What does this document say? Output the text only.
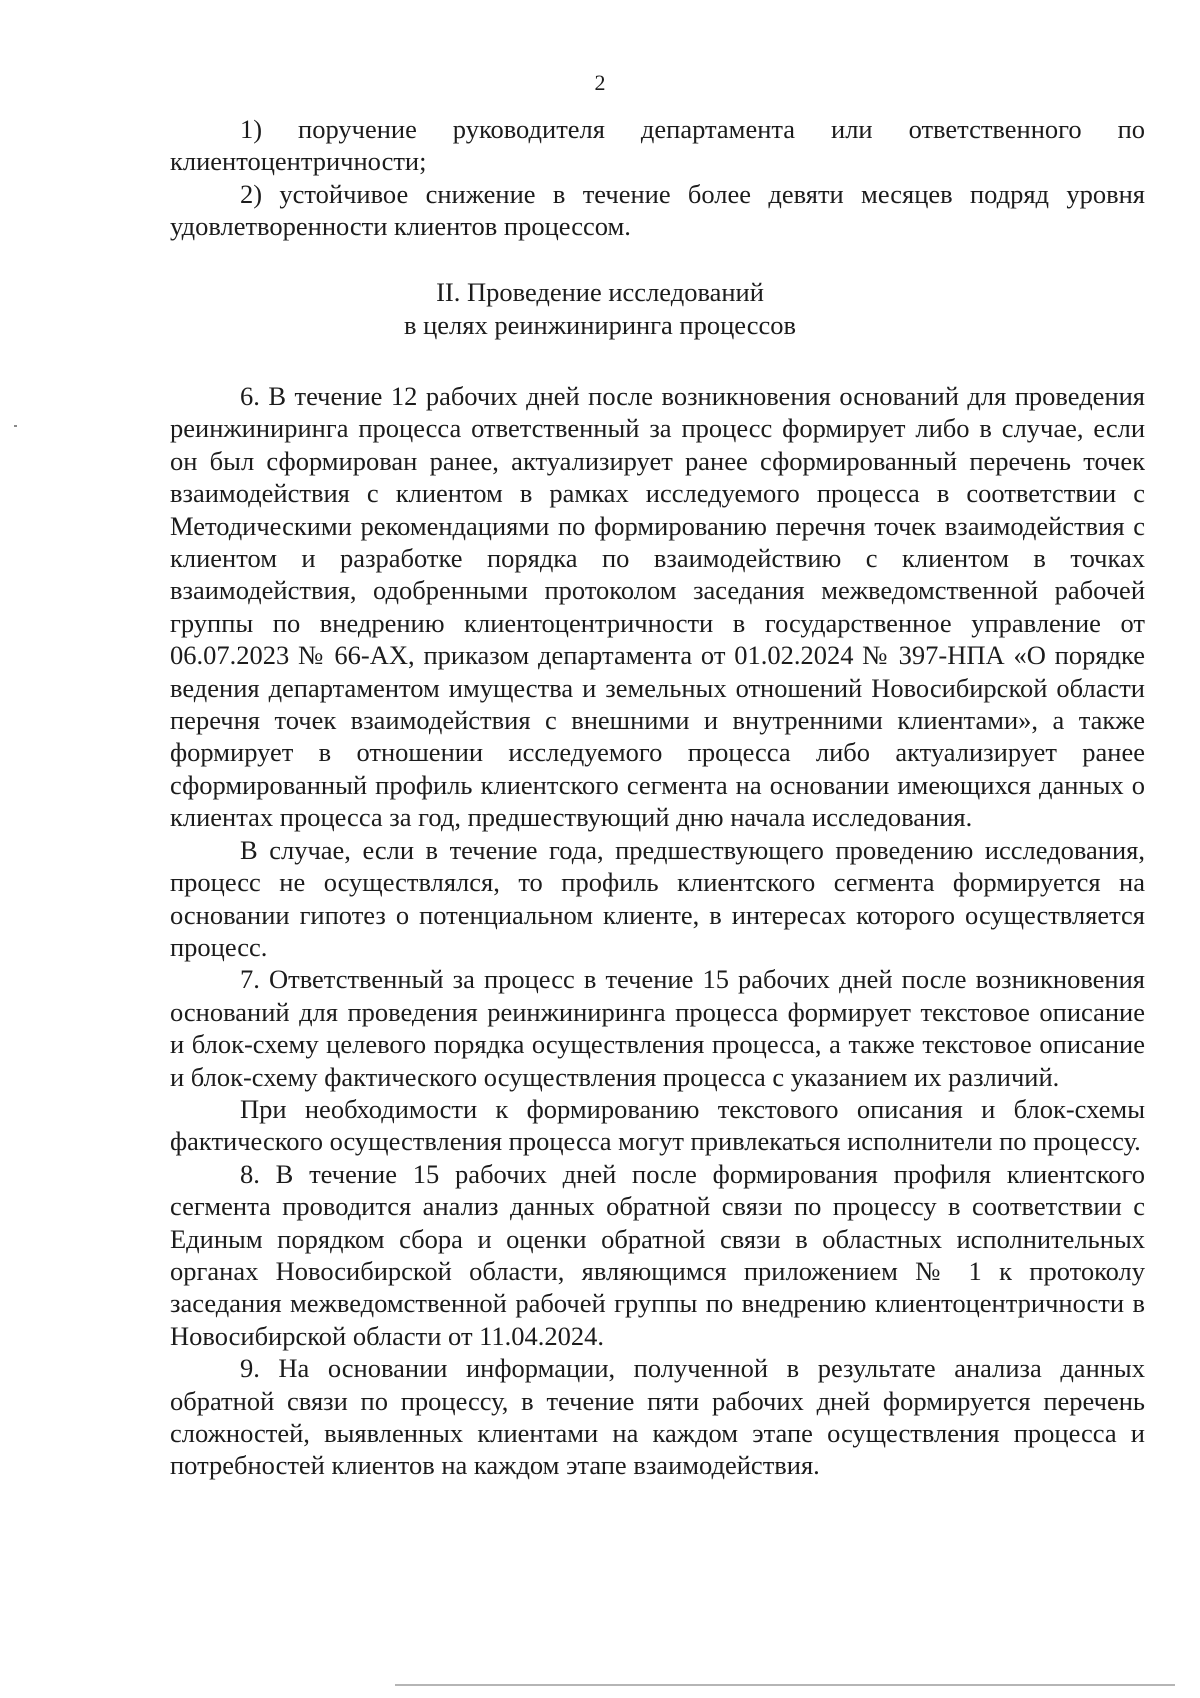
2

1) поручение руководителя департамента или ответственного по клиентоцентричности;

2) устойчивое снижение в течение более девяти месяцев подряд уровня удовлетворенности клиентов процессом.

II. Проведение исследований
в целях реинжиниринга процессов

6. В течение 12 рабочих дней после возникновения оснований для проведения реинжиниринга процесса ответственный за процесс формирует либо в случае, если он был сформирован ранее, актуализирует ранее сформированный перечень точек взаимодействия с клиентом в рамках исследуемого процесса в соответствии с Методическими рекомендациями по формированию перечня точек взаимодействия с клиентом и разработке порядка по взаимодействию с клиентом в точках взаимодействия, одобренными протоколом заседания межведомственной рабочей группы по внедрению клиентоцентричности в государственное управление от 06.07.2023 № 66-АХ, приказом департамента от 01.02.2024 № 397-НПА «О порядке ведения департаментом имущества и земельных отношений Новосибирской области перечня точек взаимодействия с внешними и внутренними клиентами», а также формирует в отношении исследуемого процесса либо актуализирует ранее сформированный профиль клиентского сегмента на основании имеющихся данных о клиентах процесса за год, предшествующий дню начала исследования.

В случае, если в течение года, предшествующего проведению исследования, процесс не осуществлялся, то профиль клиентского сегмента формируется на основании гипотез о потенциальном клиенте, в интересах которого осуществляется процесс.

7. Ответственный за процесс в течение 15 рабочих дней после возникновения оснований для проведения реинжиниринга процесса формирует текстовое описание и блок-схему целевого порядка осуществления процесса, а также текстовое описание и блок-схему фактического осуществления процесса с указанием их различий.

При необходимости к формированию текстового описания и блок-схемы фактического осуществления процесса могут привлекаться исполнители по процессу.

8. В течение 15 рабочих дней после формирования профиля клиентского сегмента проводится анализ данных обратной связи по процессу в соответствии с Единым порядком сбора и оценки обратной связи в областных исполнительных органах Новосибирской области, являющимся приложением № 1 к протоколу заседания межведомственной рабочей группы по внедрению клиентоцентричности в Новосибирской области от 11.04.2024.

9. На основании информации, полученной в результате анализа данных обратной связи по процессу, в течение пяти рабочих дней формируется перечень сложностей, выявленных клиентами на каждом этапе осуществления процесса и потребностей клиентов на каждом этапе взаимодействия.
